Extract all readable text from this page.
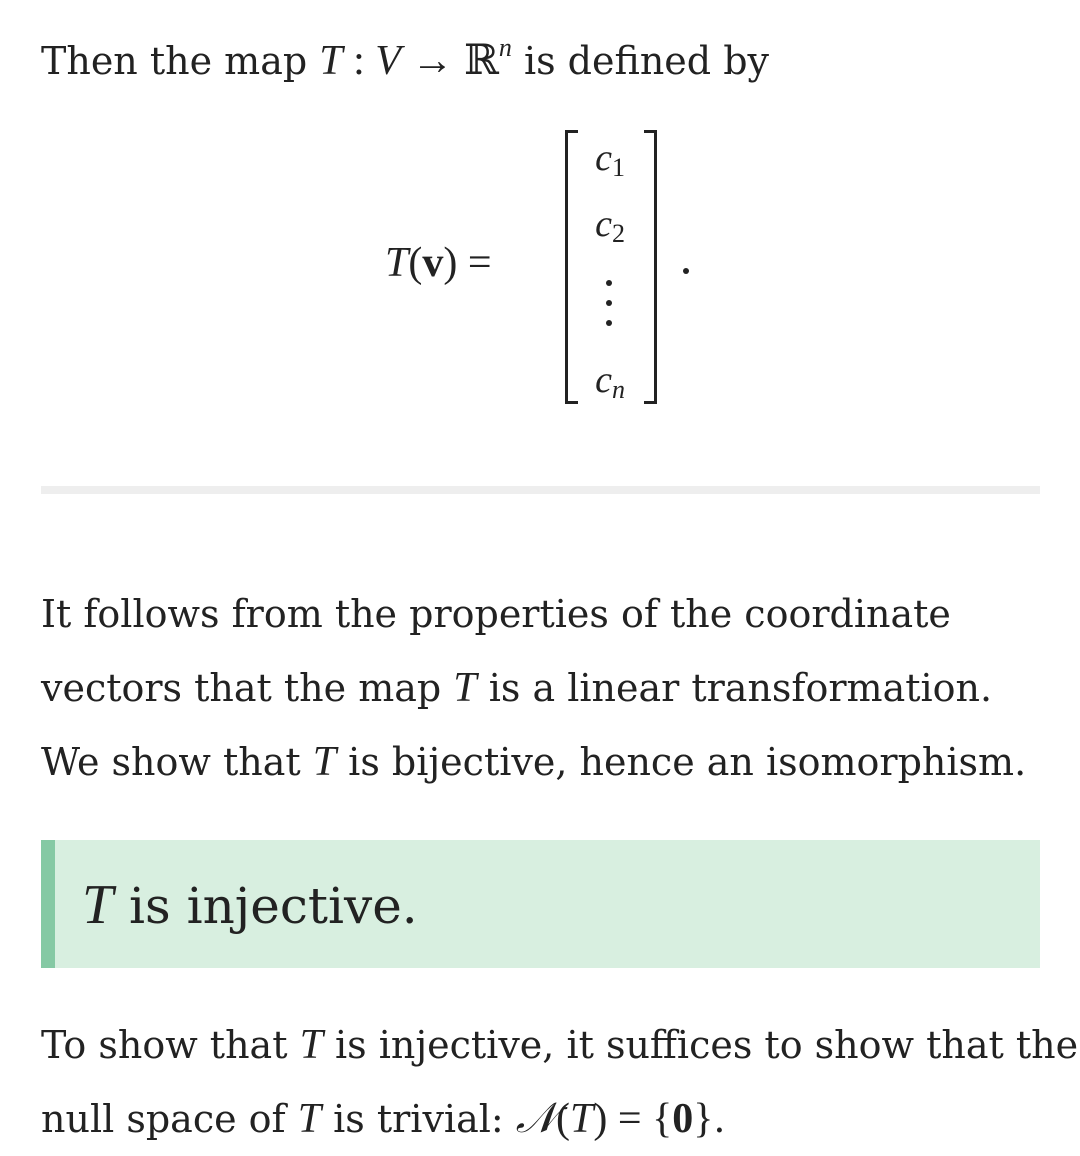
Then the map T : V → ℝ$^n$ is defined by
T(v) =
$c_1$
$c_2$
$c_n$
It follows from the properties of the coordinate
vectors that the map T is a linear transformation.
We show that T is bijective, hence an isomorphism.
T is injective.
To show that T is injective, it suffices to show that the
null space of T is trivial: 𝒩(T) = {0}.
